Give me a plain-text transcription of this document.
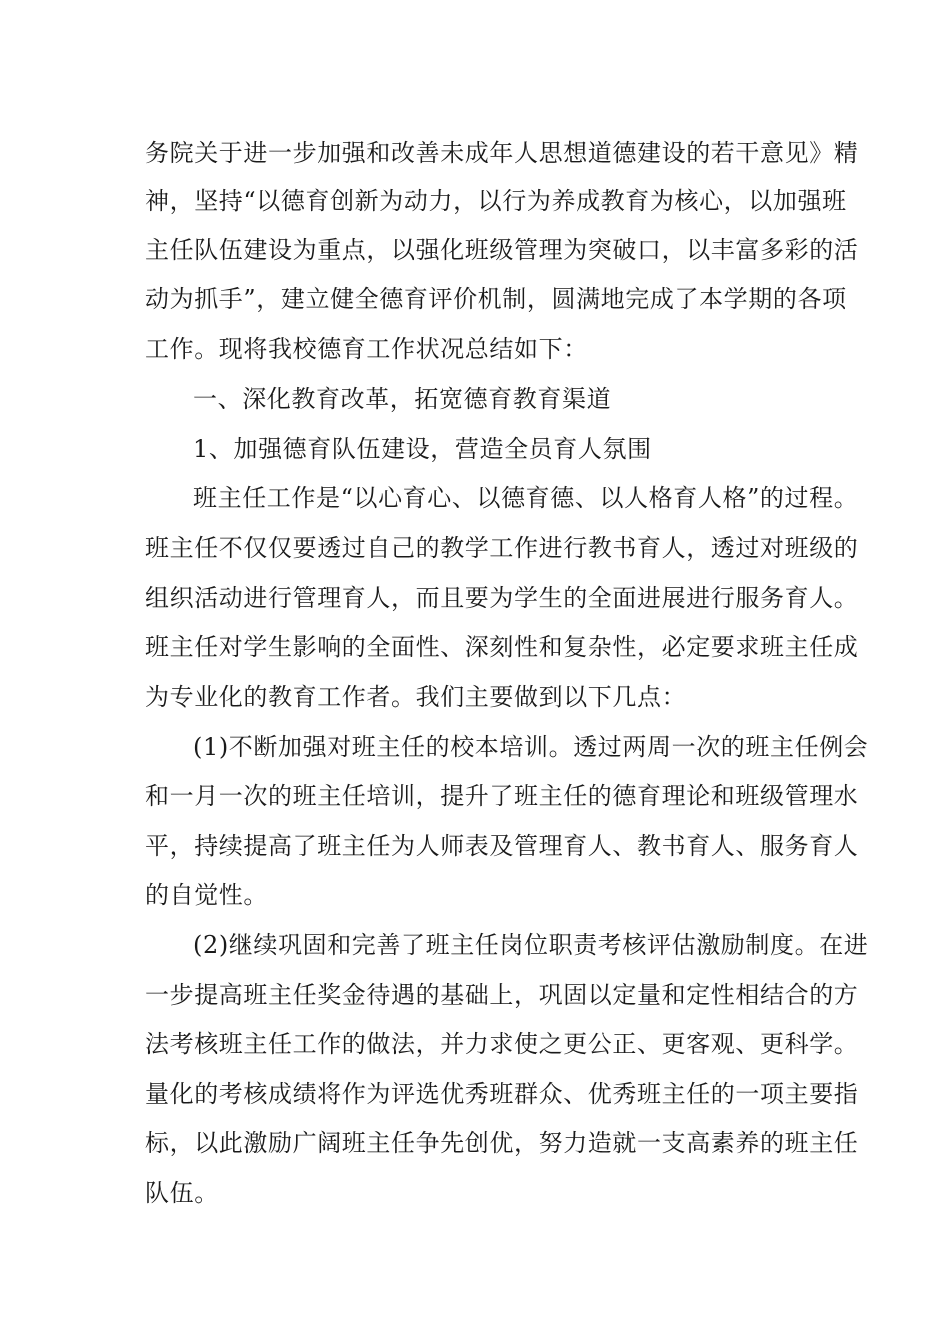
务院关于进一步加强和改善未成年人思想道德建设的若干意见》精
神，坚持“以德育创新为动力，以行为养成教育为核心，以加强班
主任队伍建设为重点，以强化班级管理为突破口，以丰富多彩的活
动为抓手”，建立健全德育评价机制，圆满地完成了本学期的各项
工作。现将我校德育工作状况总结如下：
一、深化教育改革，拓宽德育教育渠道
1、加强德育队伍建设，营造全员育人氛围
班主任工作是“以心育心、以德育德、以人格育人格”的过程。
班主任不仅仅要透过自己的教学工作进行教书育人，透过对班级的
组织活动进行管理育人，而且要为学生的全面进展进行服务育人。
班主任对学生影响的全面性、深刻性和复杂性，必定要求班主任成
为专业化的教育工作者。我们主要做到以下几点：
(1)不断加强对班主任的校本培训。透过两周一次的班主任例会
和一月一次的班主任培训，提升了班主任的德育理论和班级管理水
平，持续提高了班主任为人师表及管理育人、教书育人、服务育人
的自觉性。
(2)继续巩固和完善了班主任岗位职责考核评估激励制度。在进
一步提高班主任奖金待遇的基础上，巩固以定量和定性相结合的方
法考核班主任工作的做法，并力求使之更公正、更客观、更科学。
量化的考核成绩将作为评选优秀班群众、优秀班主任的一项主要指
标，以此激励广阔班主任争先创优，努力造就一支高素养的班主任
队伍。
